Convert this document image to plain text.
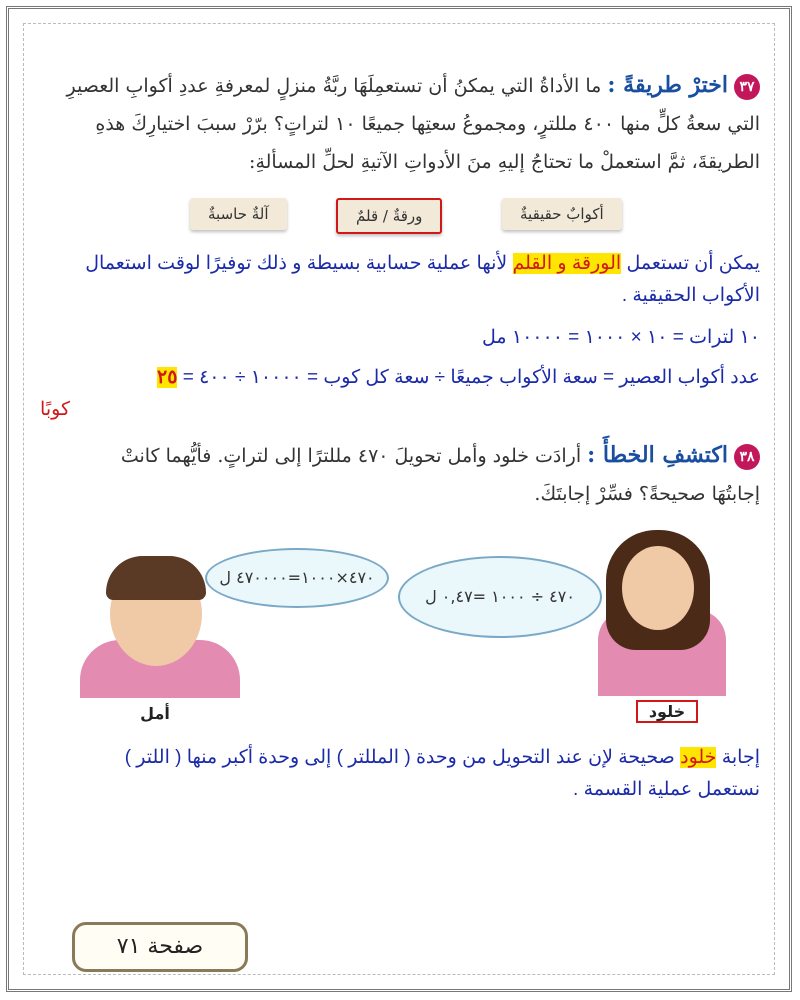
٣٧اخترْ طريقةً : ما الأداةُ التي يمكنُ أن تستعمِلَهَا ربَّةُ منزلٍ لمعرفةِ عددِ أكوابِ العصيرِ
التي سعةُ كلٍّ منها ٤٠٠ مللترٍ، ومجموعُ سعتِها جميعًا ١٠ لتراتٍ؟ برّرْ سببَ اختيارِكَ هذهِ
الطريقةَ، ثمَّ استعملْ ما تحتاجُ إليهِ منَ الأدواتِ الآتيةِ لحلِّ المسألةِ:
أكوابٌ حقيقيةٌ
ورقةٌ / قلمٌ
آلةٌ حاسبةٌ
يمكن أن تستعمل الورقة و القلم لأنها عملية حسابية بسيطة و ذلك توفيرًا لوقت استعمال
الأكواب الحقيقية .
١٠ لترات = ١٠ × ١٠٠٠ = ١٠٠٠٠ مل
عدد أكواب العصير = سعة الأكواب جميعًا ÷ سعة كل كوب = ١٠٠٠٠ ÷ ٤٠٠ = ٢٥
كوبًا
٣٨اكتشفِ الخطأَ : أرادَت خلود وأمل تحويلَ ٤٧٠ مللترًا إلى لتراتٍ. فأيُّهما كانتْ
إجابتُهَا صحيحةً؟ فسِّرْ إجابتَكَ.
٤٧٠×١٠٠٠=٤٧٠٠٠٠ ل
٤٧٠ ÷ ١٠٠٠ =٠,٤٧ ل
أمل	خلود
إجابة خلود صحيحة لإن عند التحويل من وحدة ( المللتر ) إلى وحدة أكبر منها ( اللتر )
نستعمل عملية القسمة .
صفحة ٧١
